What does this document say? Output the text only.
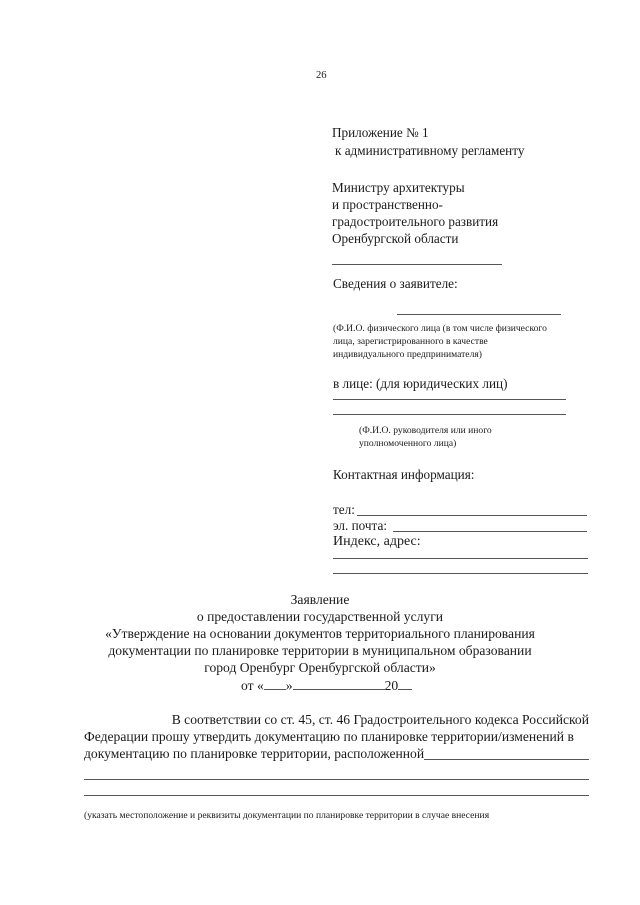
26
Приложение № 1
к административному регламенту
Министру архитектуры
и пространственно-
градостроительного развития
Оренбургской области
Сведения о заявителе:
(Ф.И.О. физического лица (в том числе физического
лица, зарегистрированного в качестве
индивидуального предпринимателя)
в лице: (для юридических лиц)
(Ф.И.О. руководителя или иного
уполномоченного лица)
Контактная информация:
тел:
эл. почта:
Индекс, адрес:
Заявление
о предоставлении государственной услуги
«Утверждение на основании документов территориального планирования
документации по планировке территории в муниципальном образовании
город Оренбург Оренбургской области»
от « »	20
В соответствии со ст. 45, ст. 46 Градостроительного кодекса Российской
Федерации прошу утвердить документацию по планировке территории/изменений в
документацию по планировке территории, расположенной
(указать местоположение и реквизиты документации по планировке территории в случае внесения
